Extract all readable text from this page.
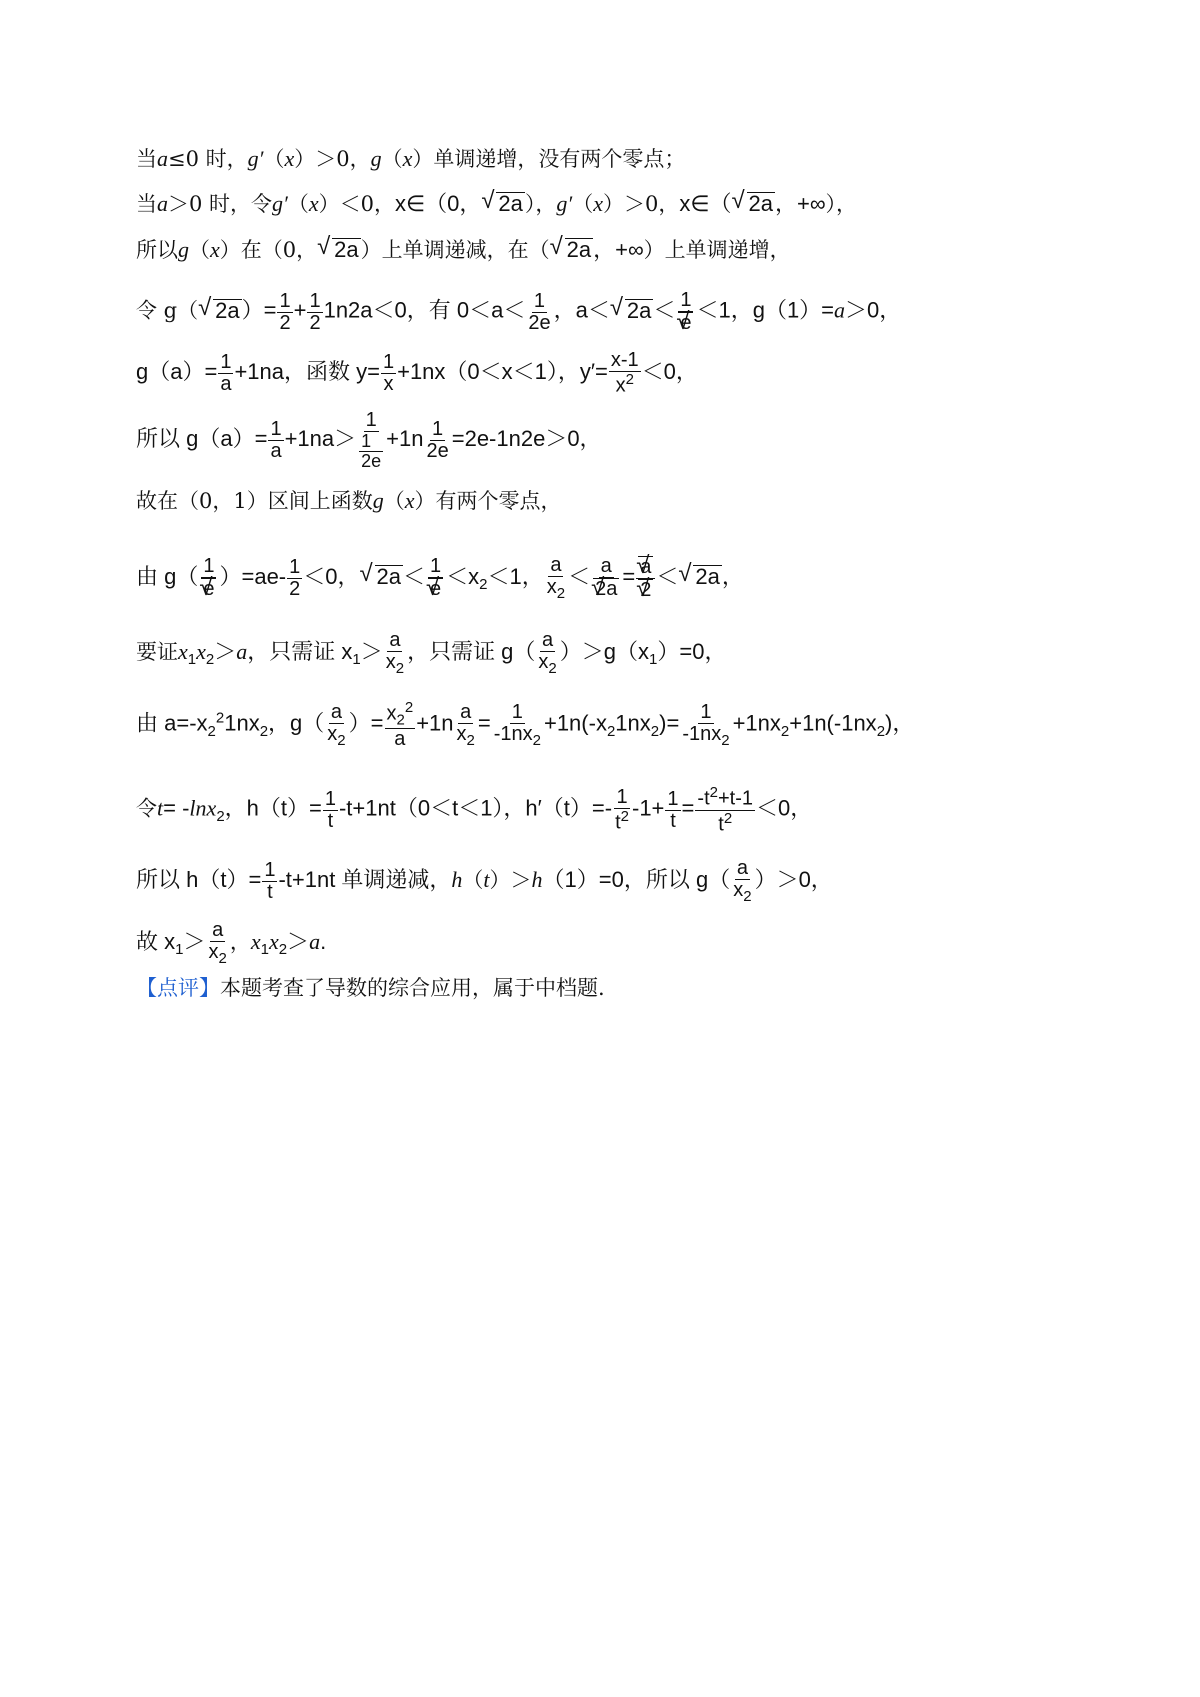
当a≤0 时，g′（x）＞0，g（x）单调递增，没有两个零点；
当a＞0 时，令g′（x）＜0，x∈（0， √ 2a），g′（x）＞0，x∈（ √ 2a，+∞），
所以g（x）在（0， √ 2a）上单调递减，在（ √ 2a，+∞）上单调递增，
令 g（ √ $2a)= \frac{1}{2} + \frac{1}{2} 1n2a<0$，有 $0<a< \frac{1}{2e}$ ，a＜ √ 2a＜ 1
√ e ＜1，g（1）=a＞0，
$g(a)= \frac{1}{a} +1na$，函数 $y= \frac{1}{x} +1nx(0<x<1)$，$y'= \frac{x-1}{x^2} <0$，
所以 $g(a)= \frac{1}{a} +1na> \frac{1}{\frac{1}{2e}} +1n \frac{1}{2e} =2e-1n2e>0$，
故在（0，1）区间上函数g（x）有两个零点，
由 g（ 1
√ e ）$=ae- \frac{1}{2} <0$， √ 2a＜ 1
√ $e <x_2<1$， $\frac{a}{x_2} < a$
√ 2a = √ a
√ 2 ＜ √ 2a，
要证$x_1x_2>a$，只需证 $x_1> \frac{a}{x_2}$ ，只需证 $g( \frac{a}{x_2} )>g(x_1)=0$，
由 $a=-x_2^21nx_2$，$g( \frac{a}{x_2}$ ）= $\frac{x_2^2}{a} +1n \frac{a}{x_2} = \frac{1}{-1nx_2} +1n(-x_21nx_2)= \frac{1}{-1nx_2} +1nx_2+1n(-1nx_2)$，
令t= -lnx$_2$，$h(t)= \frac{1}{t} -t+1nt(0<t<1)$，$h'(t)=- \frac{1}{t^2} -1+ \frac{1}{t} = \frac{-t^2+t-1}{t^2} <0$，
所以 $h(t)= \frac{1}{t} -t+1nt$ 单调递减，h（t）＞h（1）=0，所以 $g( \frac{a}{x_2} )>0$，
故 $x_1> \frac{a}{x_2}$ ，$x_1x_2>a$.
【点评】本题考查了导数的综合应用，属于中档题.
